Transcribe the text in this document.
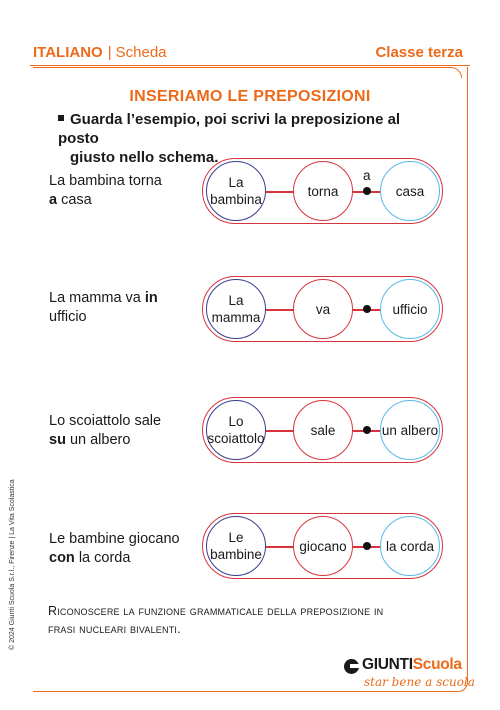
ITALIANO | Scheda	Classe terza
INSERIAMO LE PREPOSIZIONI
Guarda l’esempio, poi scrivi la preposizione al posto
giusto nello schema.
La bambina torna
a casa
La bambina
torna	casa
a
La mamma va in
ufficio
La mamma
va	ufficio
Lo scoiattolo sale
su un albero
Lo scoiattolo
sale	un albero
Le bambine giocano
con la corda
Le bambine
giocano	la corda
Riconoscere la funzione grammaticale della preposizione in
frasi nucleari bivalenti.
© 2024 Giunti Scuola S.r.l., Firenze | La Vita Scolastica
GIUNTIScuola
star bene a scuola
